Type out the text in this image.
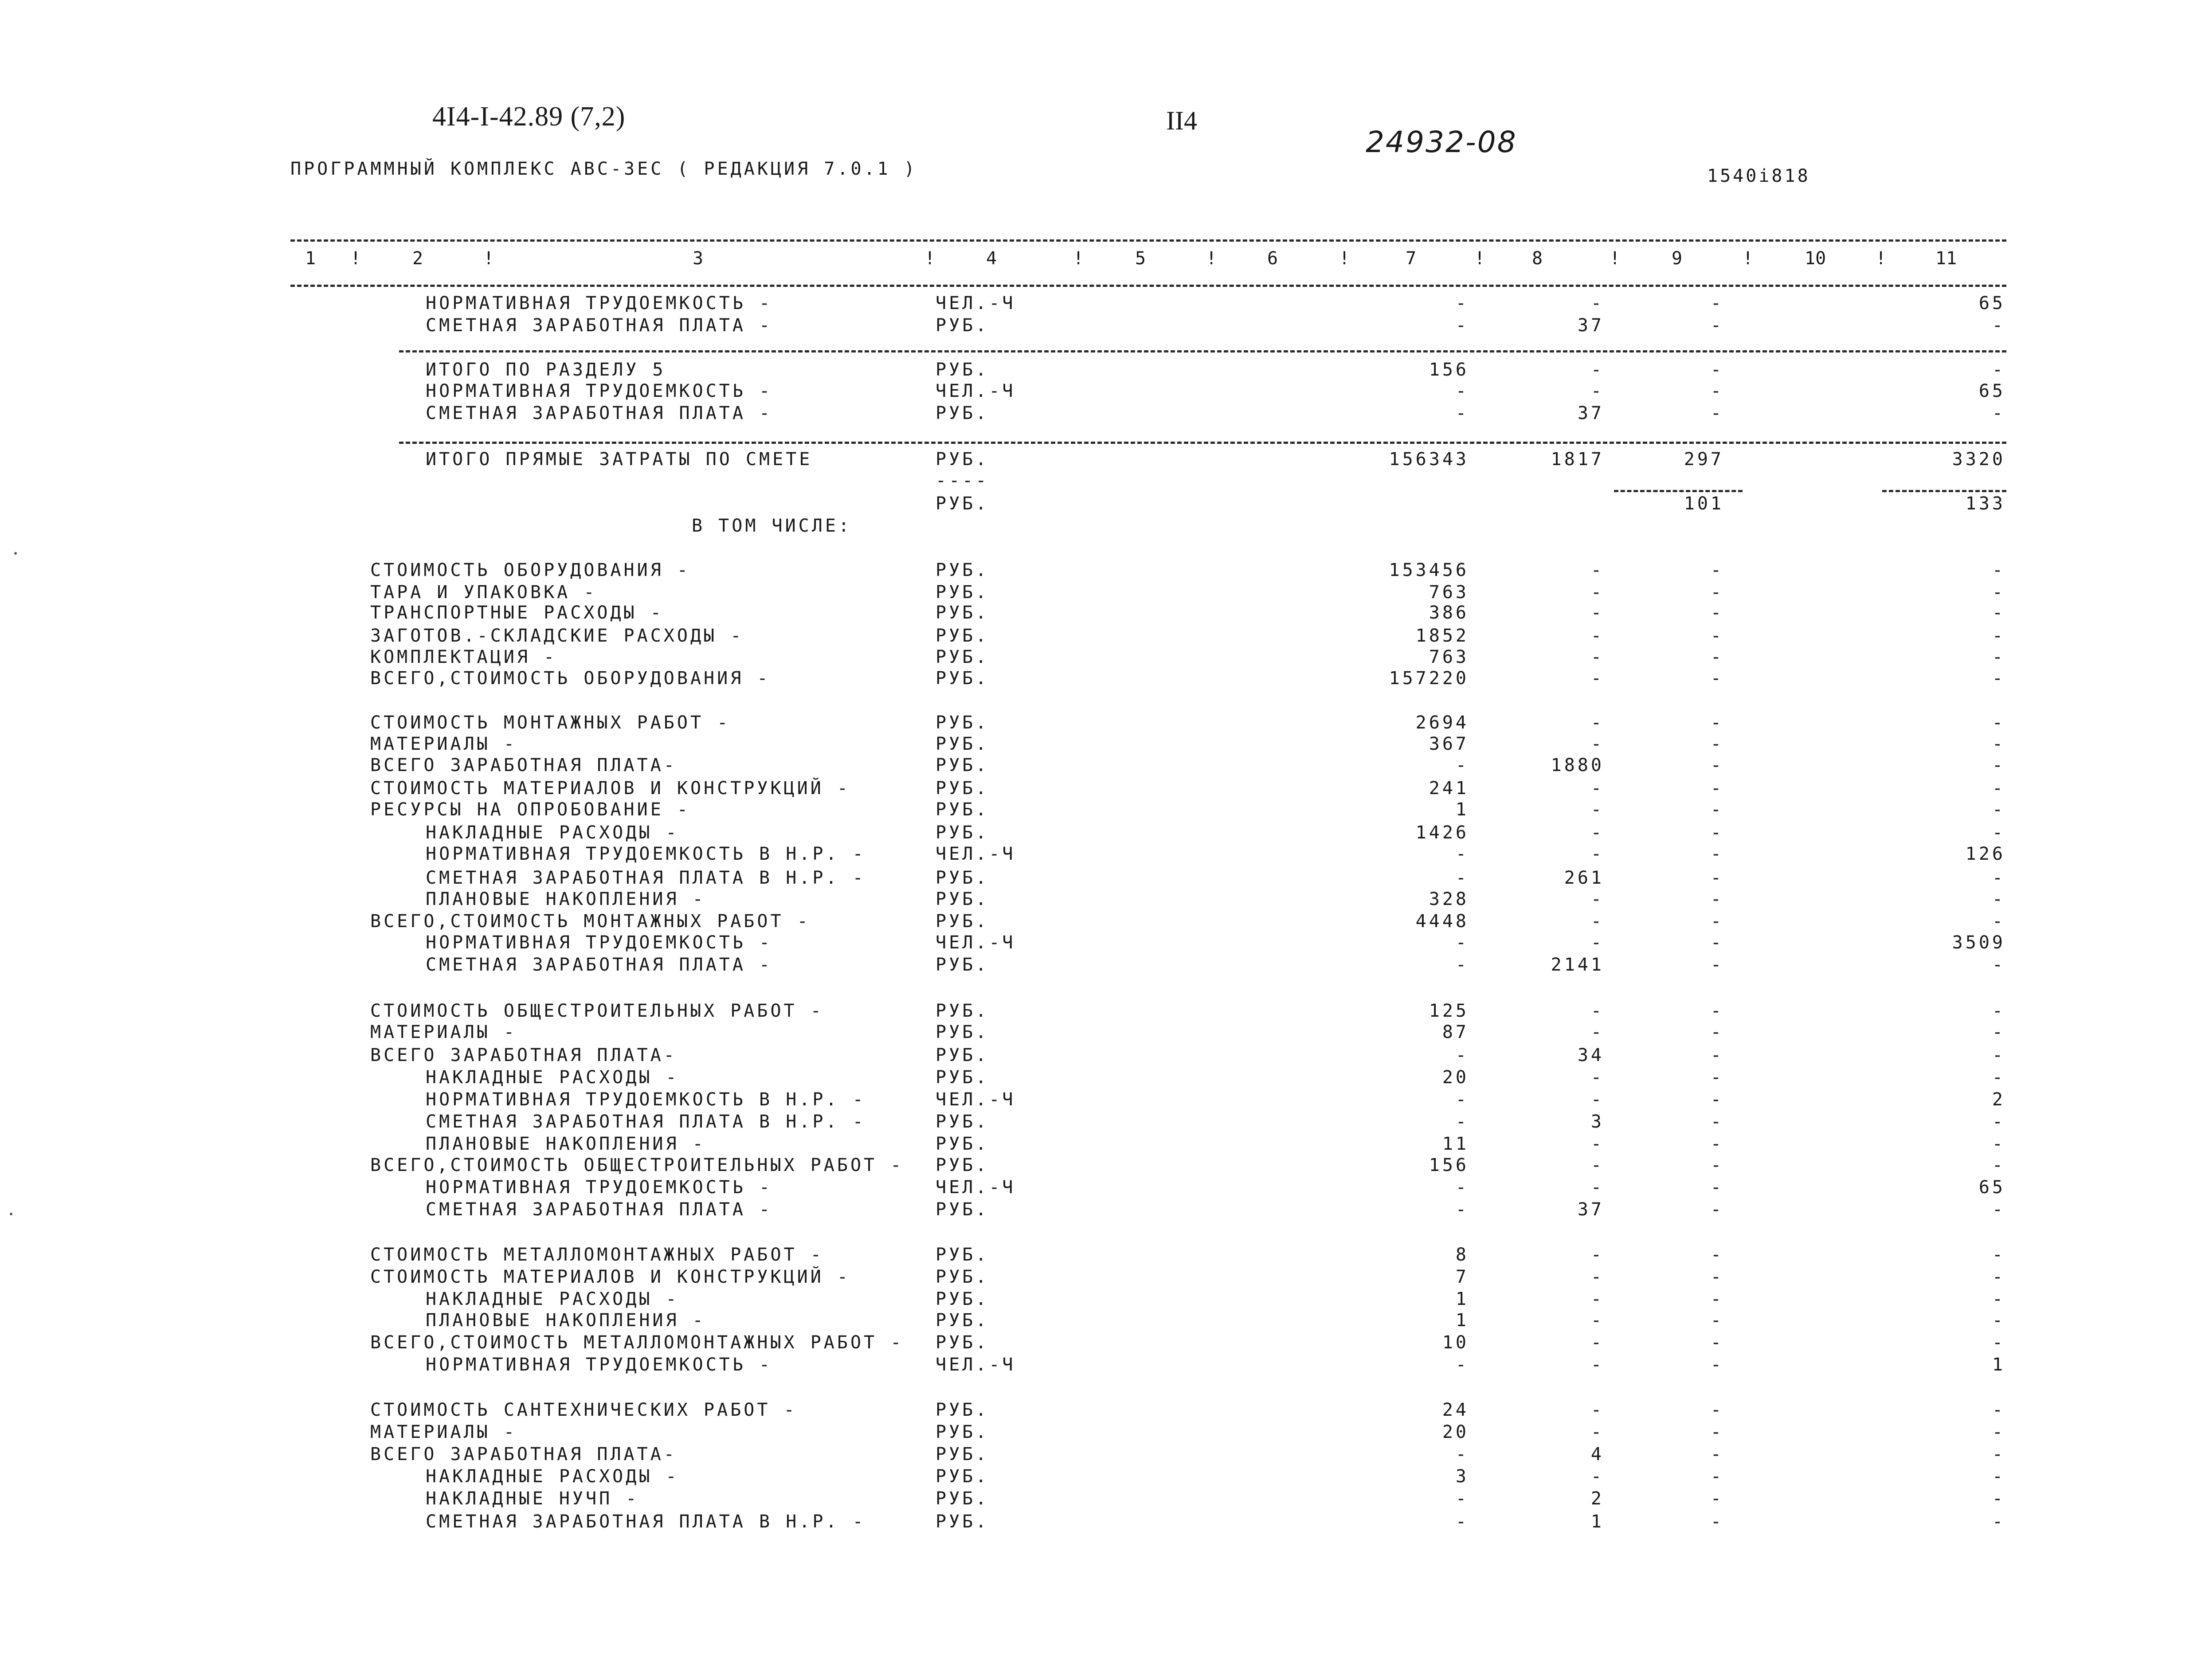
4I4-I-42.89 (7,2)	II4
24932-08
ПРОГРАММНЫЙ КОМПЛЕКС АВС-3ЕС ( РЕДАКЦИЯ 7.0.1 )	1540i818
1	2	3	4	5	6	7	8	9	10	11
!	!	!	!	!	!	!	!	!	!
НОРМАТИВНАЯ ТРУДОЕМКОСТЬ -	ЧЕЛ.-Ч	-	-	-	65
СМЕТНАЯ ЗАРАБОТНАЯ ПЛАТА -	РУБ.	-	37	-	-
ИТОГО ПО РАЗДЕЛУ 5	РУБ.	156	-	-	-
НОРМАТИВНАЯ ТРУДОЕМКОСТЬ -	ЧЕЛ.-Ч	-	-	-	65
СМЕТНАЯ ЗАРАБОТНАЯ ПЛАТА -	РУБ.	-	37	-	-
ИТОГО ПРЯМЫЕ ЗАТРАТЫ ПО СМЕТЕ	РУБ.	156343	1817	297	3320
----
РУБ.	101	133
В ТОМ ЧИСЛЕ:
СТОИМОСТЬ ОБОРУДОВАНИЯ -	РУБ.	153456	-	-	-
ТАРА И УПАКОВКА -	РУБ.	763	-	-	-
ТРАНСПОРТНЫЕ РАСХОДЫ -	РУБ.	386	-	-	-
ЗАГОТОВ.-СКЛАДСКИЕ РАСХОДЫ -	РУБ.	1852	-	-	-
КОМПЛЕКТАЦИЯ -	РУБ.	763	-	-	-
ВСЕГО,СТОИМОСТЬ ОБОРУДОВАНИЯ -	РУБ.	157220	-	-	-
СТОИМОСТЬ МОНТАЖНЫХ РАБОТ -	РУБ.	2694	-	-	-
МАТЕРИАЛЫ -	РУБ.	367	-	-	-
ВСЕГО ЗАРАБОТНАЯ ПЛАТА-	РУБ.	-	1880	-	-
СТОИМОСТЬ МАТЕРИАЛОВ И КОНСТРУКЦИЙ -	РУБ.	241	-	-	-
РЕСУРСЫ НА ОПРОБОВАНИЕ -	РУБ.	1	-	-	-
НАКЛАДНЫЕ РАСХОДЫ -	РУБ.	1426	-	-	-
НОРМАТИВНАЯ ТРУДОЕМКОСТЬ В Н.Р. -	ЧЕЛ.-Ч	-	-	-	126
СМЕТНАЯ ЗАРАБОТНАЯ ПЛАТА В Н.Р. -	РУБ.	-	261	-	-
ПЛАНОВЫЕ НАКОПЛЕНИЯ -	РУБ.	328	-	-	-
ВСЕГО,СТОИМОСТЬ МОНТАЖНЫХ РАБОТ -	РУБ.	4448	-	-	-
НОРМАТИВНАЯ ТРУДОЕМКОСТЬ -	ЧЕЛ.-Ч	-	-	-	3509
СМЕТНАЯ ЗАРАБОТНАЯ ПЛАТА -	РУБ.	-	2141	-	-
СТОИМОСТЬ ОБЩЕСТРОИТЕЛЬНЫХ РАБОТ -	РУБ.	125	-	-	-
МАТЕРИАЛЫ -	РУБ.	87	-	-	-
ВСЕГО ЗАРАБОТНАЯ ПЛАТА-	РУБ.	-	34	-	-
НАКЛАДНЫЕ РАСХОДЫ -	РУБ.	20	-	-	-
НОРМАТИВНАЯ ТРУДОЕМКОСТЬ В Н.Р. -	ЧЕЛ.-Ч	-	-	-	2
СМЕТНАЯ ЗАРАБОТНАЯ ПЛАТА В Н.Р. -	РУБ.	-	3	-	-
ПЛАНОВЫЕ НАКОПЛЕНИЯ -	РУБ.	11	-	-	-
ВСЕГО,СТОИМОСТЬ ОБЩЕСТРОИТЕЛЬНЫХ РАБОТ - РУБ.	156	-	-	-
НОРМАТИВНАЯ ТРУДОЕМКОСТЬ -	ЧЕЛ.-Ч	-	-	-	65
СМЕТНАЯ ЗАРАБОТНАЯ ПЛАТА -	РУБ.	-	37	-	-
СТОИМОСТЬ МЕТАЛЛОМОНТАЖНЫХ РАБОТ -	РУБ.	8	-	-	-
СТОИМОСТЬ МАТЕРИАЛОВ И КОНСТРУКЦИЙ -	РУБ.	7	-	-	-
НАКЛАДНЫЕ РАСХОДЫ -	РУБ.	1	-	-	-
ПЛАНОВЫЕ НАКОПЛЕНИЯ -	РУБ.	1	-	-	-
ВСЕГО,СТОИМОСТЬ МЕТАЛЛОМОНТАЖНЫХ РАБОТ - РУБ.	10	-	-	-
НОРМАТИВНАЯ ТРУДОЕМКОСТЬ -	ЧЕЛ.-Ч	-	-	-	1
СТОИМОСТЬ САНТЕХНИЧЕСКИХ РАБОТ -	РУБ.	24	-	-	-
МАТЕРИАЛЫ -	РУБ.	20	-	-	-
ВСЕГО ЗАРАБОТНАЯ ПЛАТА-	РУБ.	-	4	-	-
НАКЛАДНЫЕ РАСХОДЫ -	РУБ.	3	-	-	-
НАКЛАДНЫЕ НУЧП -	РУБ.	-	2	-	-
СМЕТНАЯ ЗАРАБОТНАЯ ПЛАТА В Н.Р. -	РУБ.	-	1	-	-
